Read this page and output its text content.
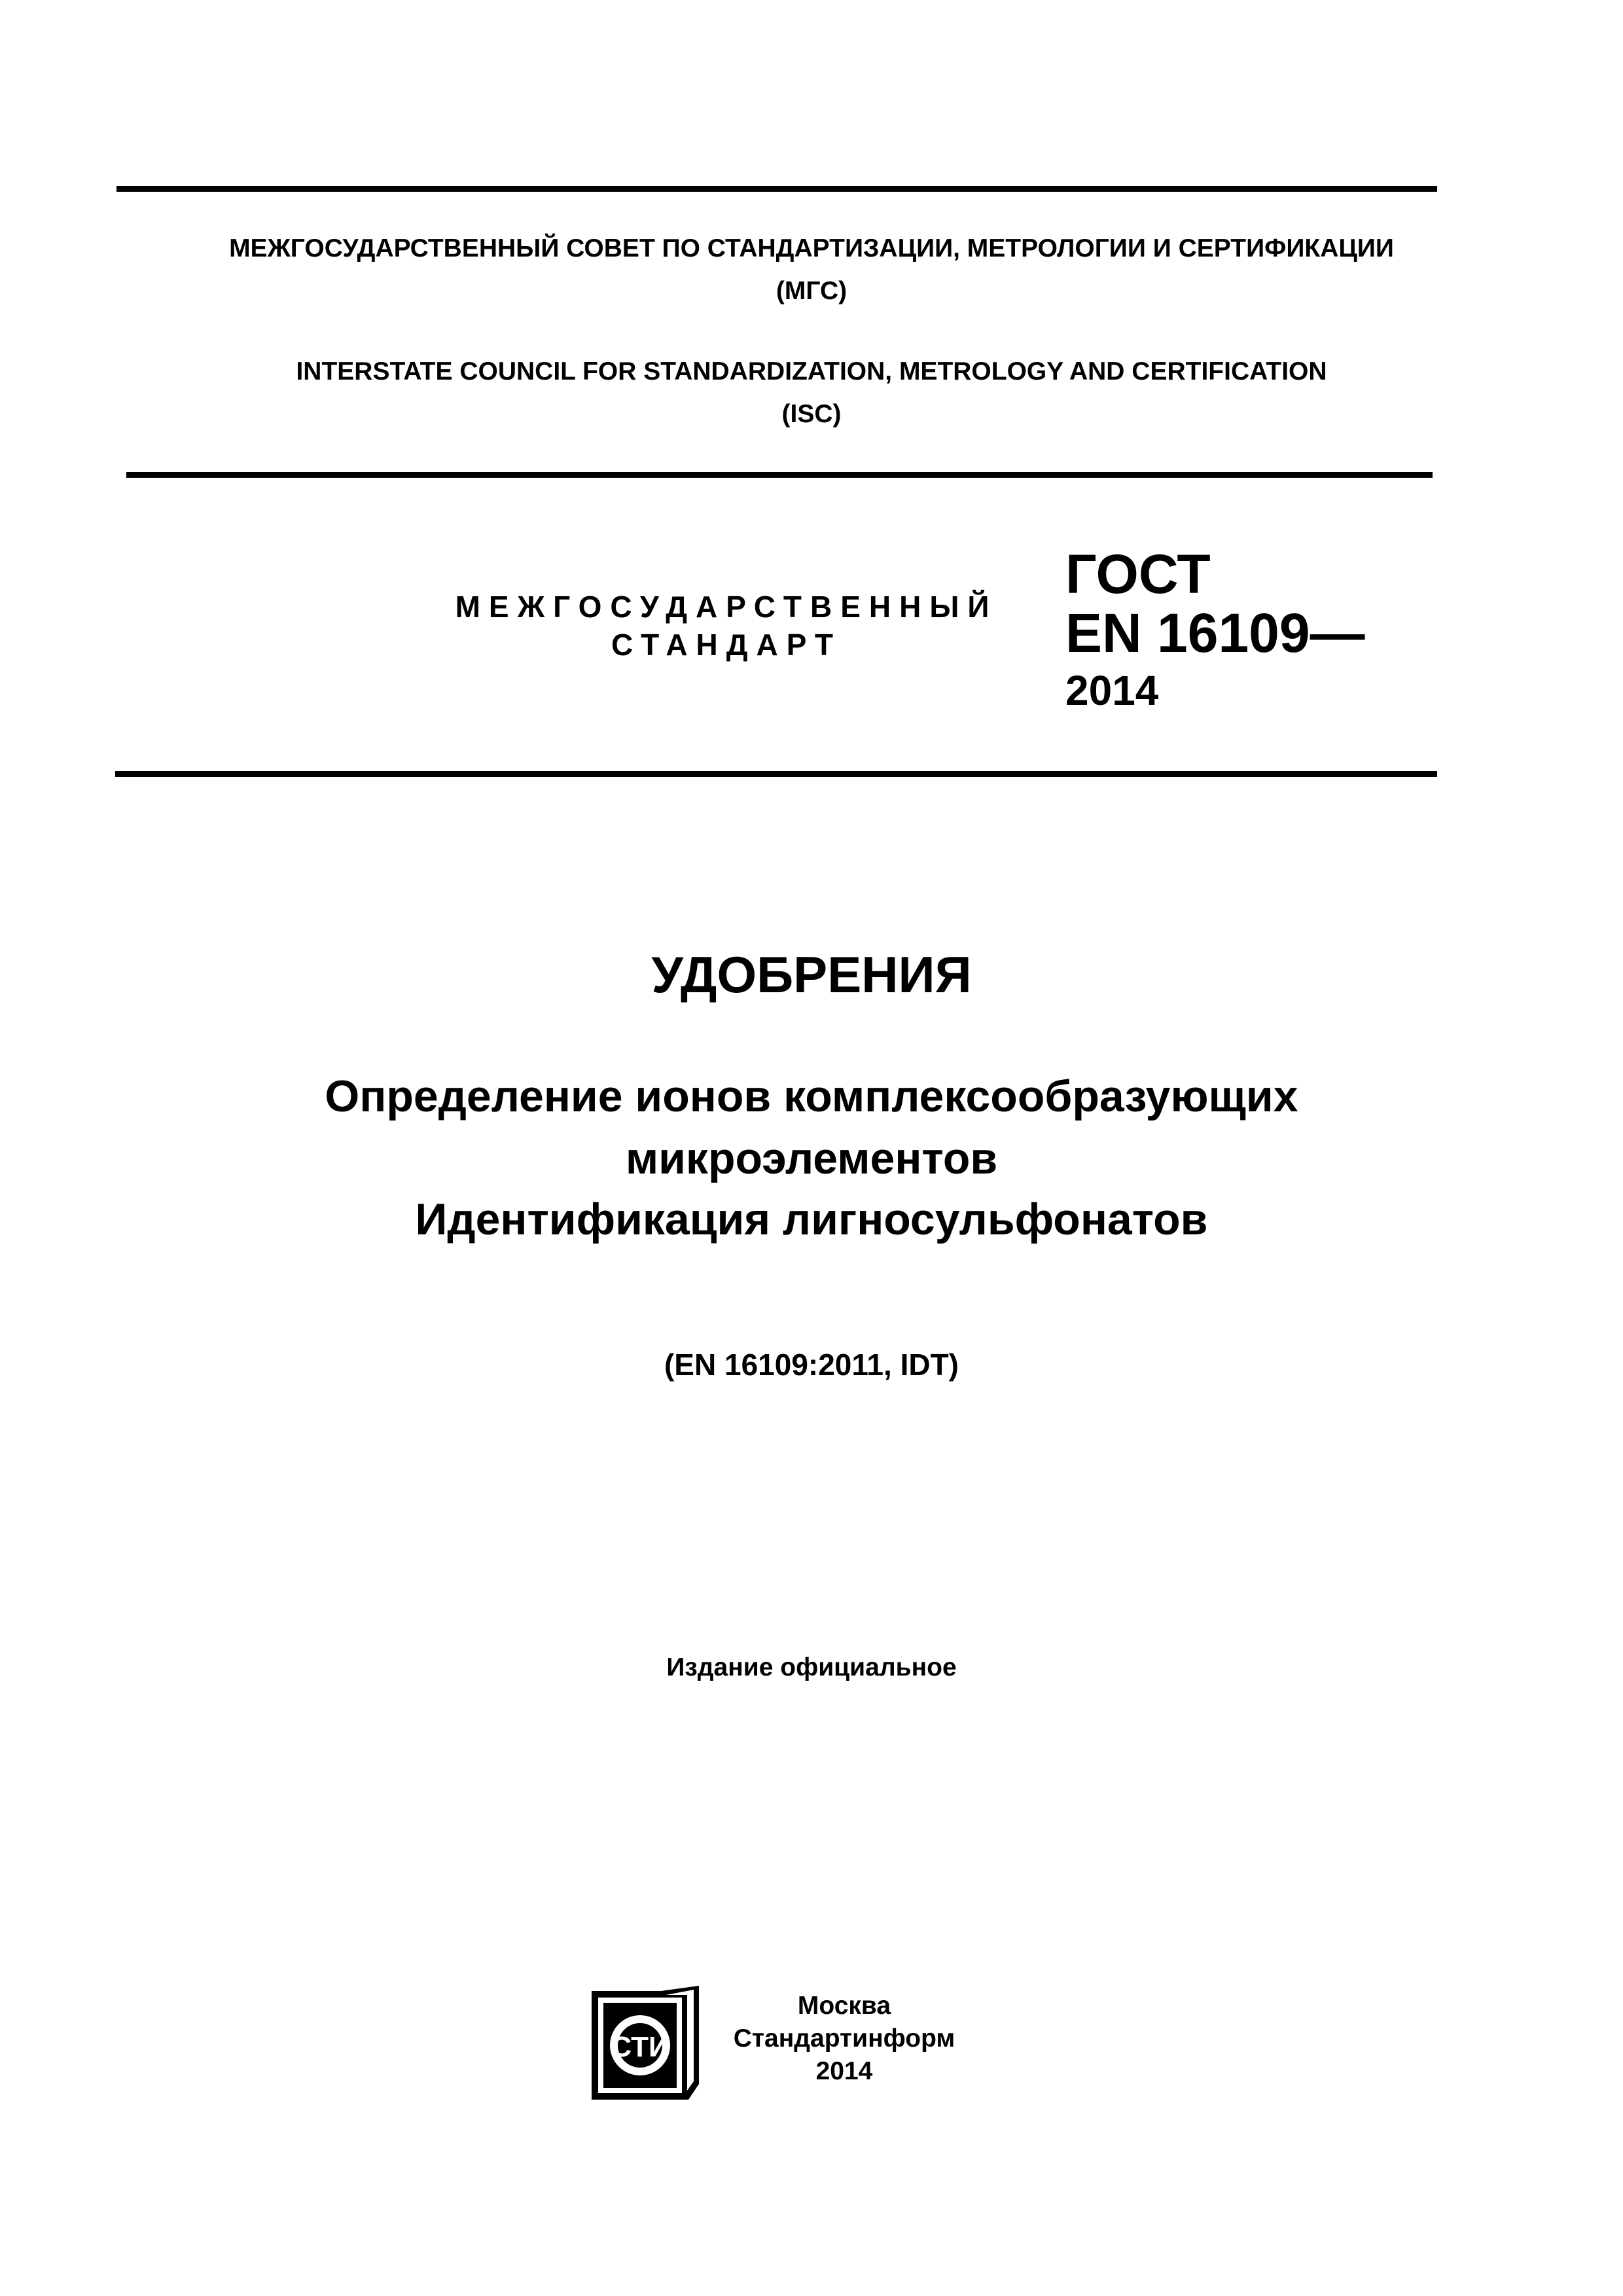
МЕЖГОСУДАРСТВЕННЫЙ СОВЕТ ПО СТАНДАРТИЗАЦИИ, МЕТРОЛОГИИ И СЕРТИФИКАЦИИ
(МГС)
INTERSTATE COUNCIL FOR STANDARDIZATION, METROLOGY AND CERTIFICATION
(ISC)
МЕЖГОСУДАРСТВЕННЫЙ
СТАНДАРТ
ГОСТ
EN 16109—
2014
УДОБРЕНИЯ
Определение ионов комплексообразующих
микроэлементов
Идентификация лигносульфонатов
(EN 16109:2011, IDT)
Издание официальное
СТИ
Москва
Стандартинформ
2014
